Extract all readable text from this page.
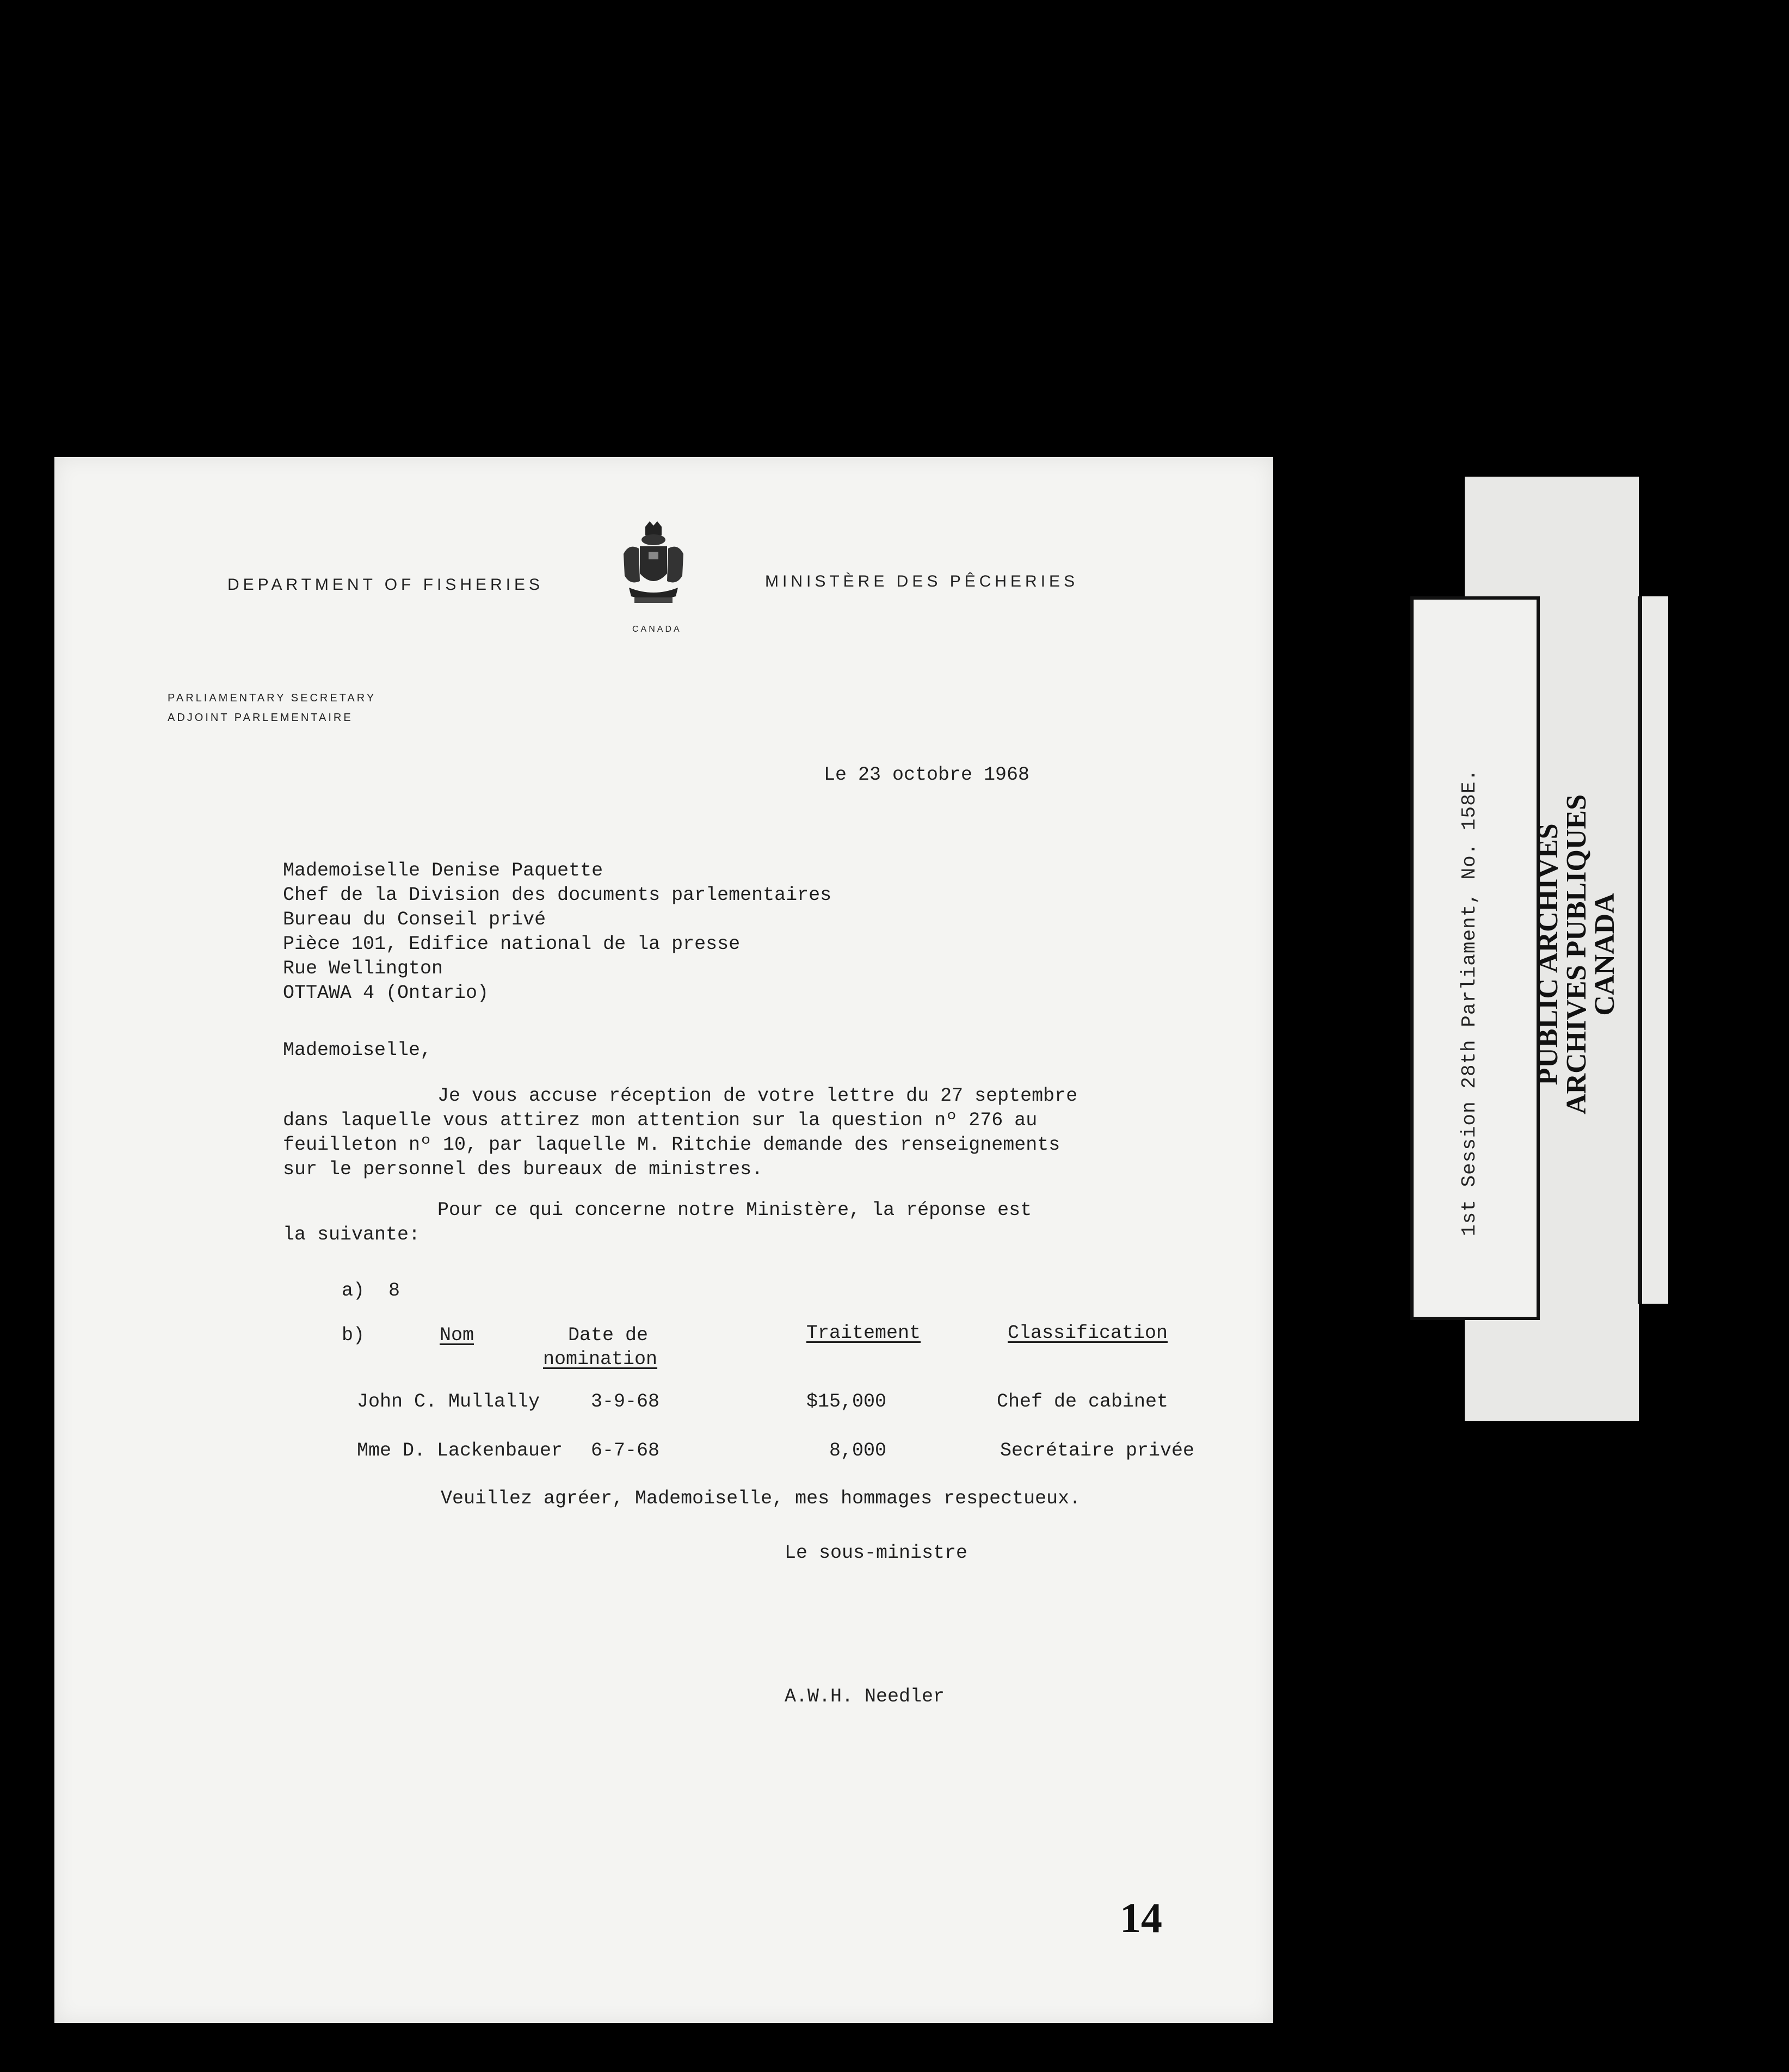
DEPARTMENT OF FISHERIES
CANADA
MINISTÈRE DES PÊCHERIES
PARLIAMENTARY SECRETARY
ADJOINT PARLEMENTAIRE
Le 23 octobre 1968
Mademoiselle Denise Paquette
Chef de la Division des documents parlementaires
Bureau du Conseil privé
Pièce 101, Edifice national de la presse
Rue Wellington
OTTAWA 4 (Ontario)
Mademoiselle,
Je vous accuse réception de votre lettre du 27 septembre
dans laquelle vous attirez mon attention sur la question nº 276 au
feuilleton nº 10, par laquelle M. Ritchie demande des renseignements
sur le personnel des bureaux de ministres.
Pour ce qui concerne notre Ministère, la réponse est
la suivante:
a) 8
b)	Nom	Date de
nomination
Traitement	Classification
John C. Mullally	3-9-68	$15,000	Chef de cabinet
Mme D. Lackenbauer 6-7-68	8,000	Secrétaire privée
Veuillez agréer, Mademoiselle, mes hommages respectueux.
Le sous-ministre
A.W.H. Needler
14
1st Session 28th Parliament, No. 158E. PUBLIC ARCHIVES
ARCHIVES PUBLIQUES
CANADA
